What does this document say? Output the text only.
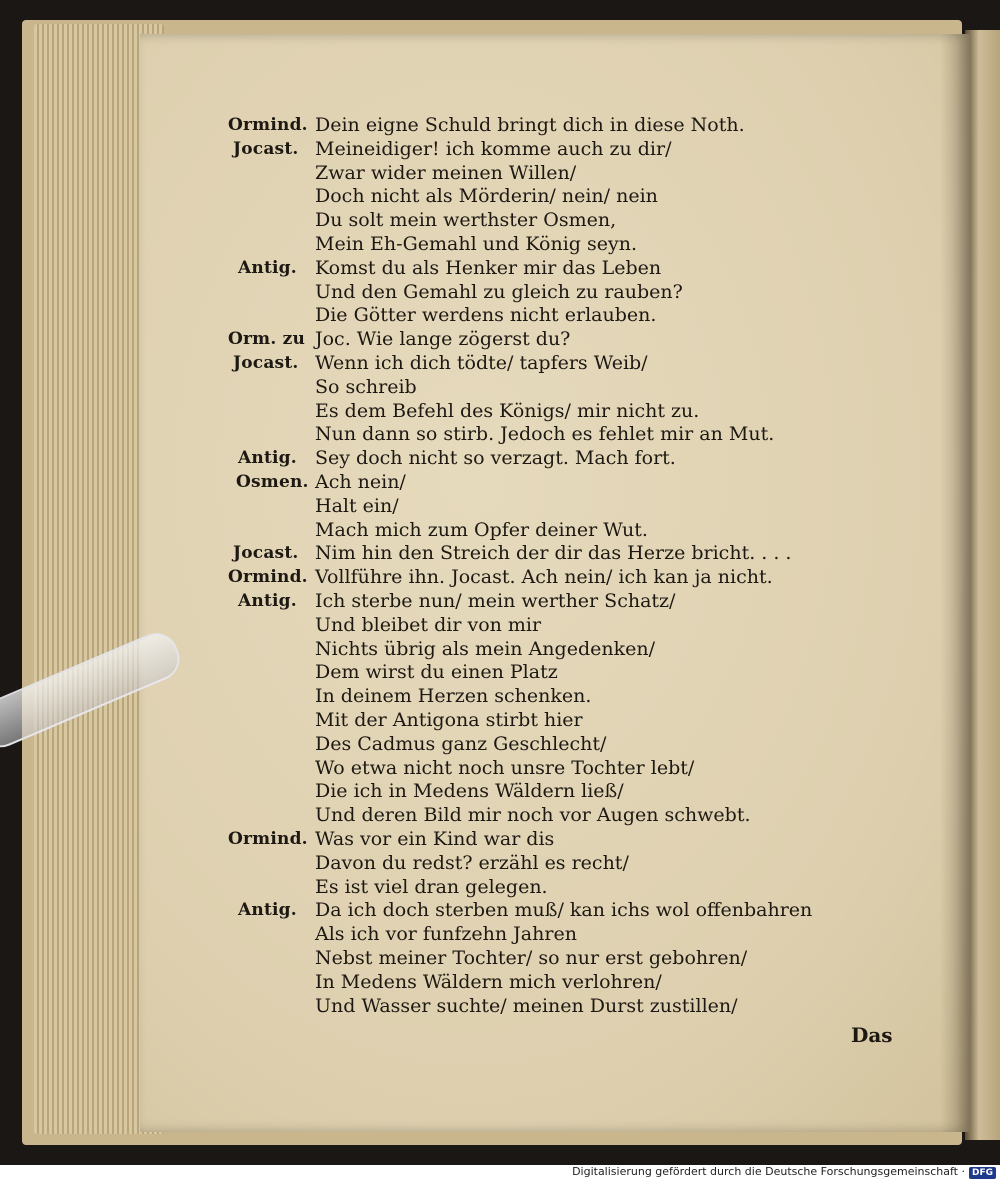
Ormind. Dein eigne Schuld bringt dich in diese Noth.
Jocast. Meineidiger! ich komme auch zu dir/
Zwar wider meinen Willen/
Doch nicht als Mörderin/ nein/ nein
Du solt mein werthster Osmen,
Mein Eh-Gemahl und König seyn.
Antig. Komst du als Henker mir das Leben
Und den Gemahl zu gleich zu rauben?
Die Götter werdens nicht erlauben.
Orm. zu Joc. Wie lange zögerst du?
Jocast. Wenn ich dich tödte/ tapfers Weib/
So schreib
Es dem Befehl des Königs/ mir nicht zu.
Nun dann so stirb. Jedoch es fehlet mir an Mut.
Antig. Sey doch nicht so verzagt. Mach fort.
Osmen. Ach nein/
Halt ein/
Mach mich zum Opfer deiner Wut.
Jocast. Nim hin den Streich der dir das Herze bricht. . . .
Ormind. Vollführe ihn. Jocast. Ach nein/ ich kan ja nicht.
Antig. Ich sterbe nun/ mein werther Schatz/
Und bleibet dir von mir
Nichts übrig als mein Angedenken/
Dem wirst du einen Platz
In deinem Herzen schenken.
Mit der Antigona stirbt hier
Des Cadmus ganz Geschlecht/
Wo etwa nicht noch unsre Tochter lebt/
Die ich in Medens Wäldern ließ/
Und deren Bild mir noch vor Augen schwebt.
Ormind. Was vor ein Kind war dis
Davon du redst? erzähl es recht/
Es ist viel dran gelegen.
Antig. Da ich doch sterben muß/ kan ichs wol offenbahren
Als ich vor funfzehn Jahren
Nebst meiner Tochter/ so nur erst gebohren/
In Medens Wäldern mich verlohren/
Und Wasser suchte/ meinen Durst zustillen/
Das
Digitalisierung gefördert durch die Deutsche Forschungsgemeinschaft · DFG
